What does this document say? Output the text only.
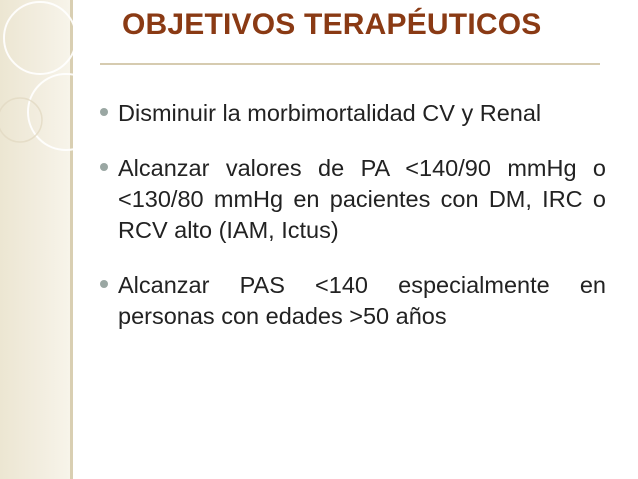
OBJETIVOS TERAPÉUTICOS
Disminuir la morbimortalidad CV y Renal
Alcanzar valores de PA <140/90 mmHg o <130/80 mmHg en pacientes con DM, IRC o RCV alto (IAM, Ictus)
Alcanzar PAS <140 especialmente en personas con edades >50 años
